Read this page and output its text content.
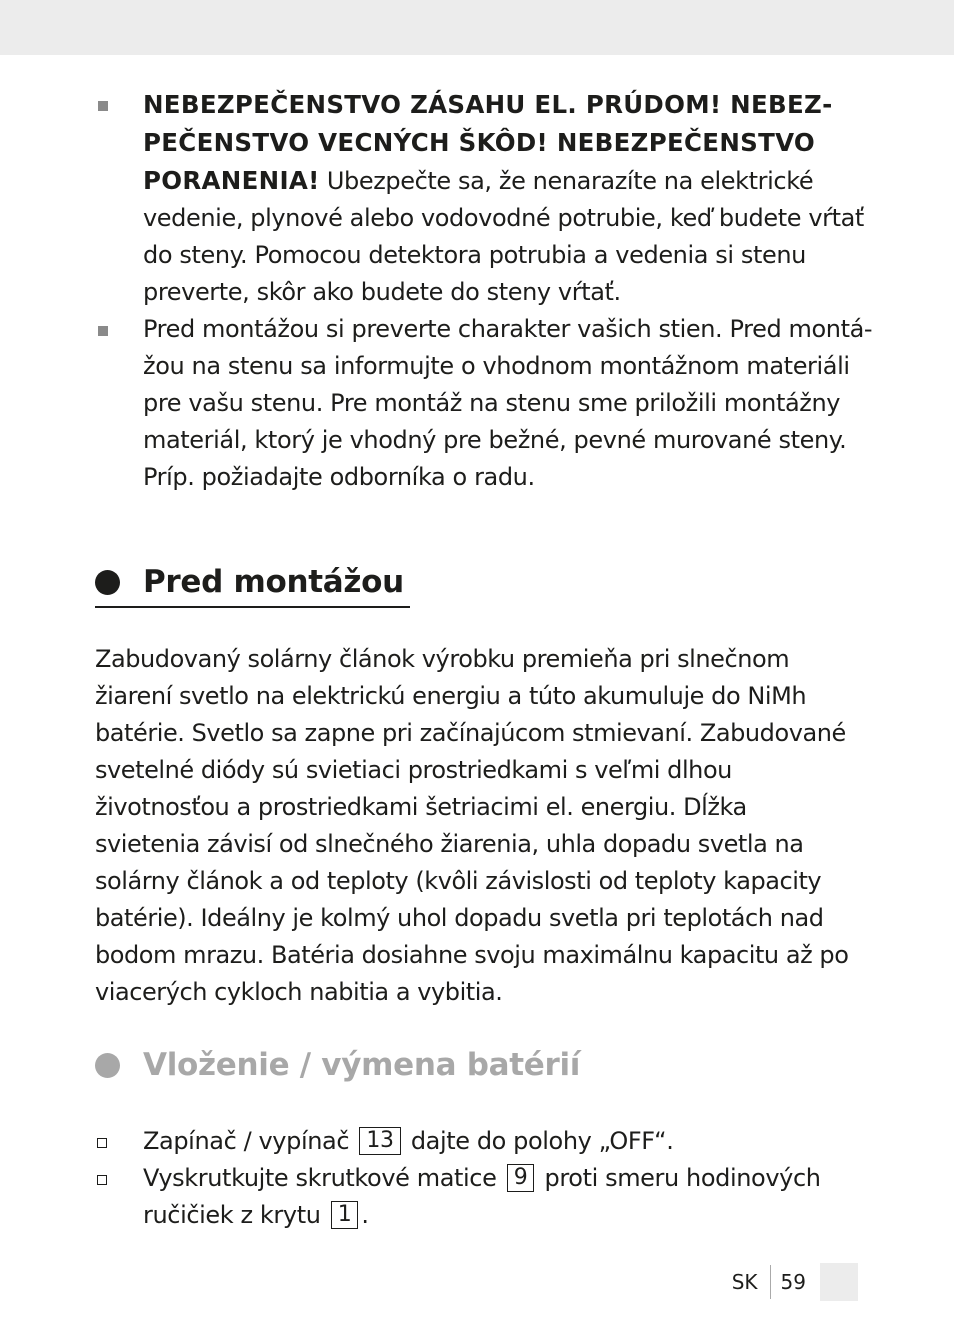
NEBEZPEČENSTVO ZÁSAHU EL. PRÚDOM! NEBEZPEČENSTVO VECNÝCH ŠKÔD! NEBEZPEČENSTVO PORANENIA! Ubezpečte sa, že nenarazíte na elektrické vedenie, plynové alebo vodovodné potrubie, keď budete vŕtať do steny. Pomocou detektora potrubia a vedenia si stenu preverte, skôr ako budete do steny vŕtať.
Pred montážou si preverte charakter vašich stien. Pred montážou na stenu sa informujte o vhodnom montážnom materiáli pre vašu stenu. Pre montáž na stenu sme priložili montážny materiál, ktorý je vhodný pre bežné, pevné murované steny. Príp. požiadajte odborníka o radu.
Pred montážou
Zabudovaný solárny článok výrobku premieňa pri slnečnom žiarení svetlo na elektrickú energiu a túto akumuluje do NiMh batérie. Svetlo sa zapne pri začínajúcom stmievaní. Zabudované svetelné diódy sú svietiaci prostriedkami s veľmi dlhou životnosťou a prostriedkami šetriacimi el. energiu. Dĺžka svietenia závisí od slnečného žiarenia, uhla dopadu svetla na solárny článok a od teploty (kvôli závislosti od teploty kapacity batérie). Ideálny je kolmý uhol dopadu svetla pri teplotách nad bodom mrazu. Batéria dosiahne svoju maximálnu kapacitu až po viacerých cykloch nabitia a vybitia.
Vloženie / výmena batérií
Zapínač / vypínač 13 dajte do polohy „OFF“.
Vyskrutkujte skrutkové matice 9 proti smeru hodinových ručičiek z krytu 1 .
SK 59
